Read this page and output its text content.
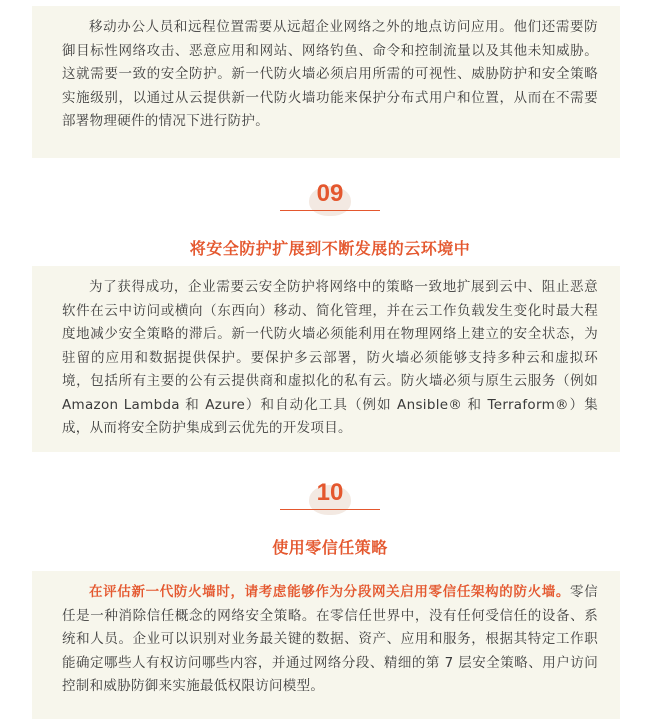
移动办公人员和远程位置需要从远超企业网络之外的地点访问应用。他们还需要防御目标性网络攻击、恶意应用和网站、网络钓鱼、命令和控制流量以及其他未知威胁。这就需要一致的安全防护。新一代防火墙必须启用所需的可视性、威胁防护和安全策略实施级别，以通过从云提供新一代防火墙功能来保护分布式用户和位置，从而在不需要部署物理硬件的情况下进行防护。

09
将安全防护扩展到不断发展的云环境中

为了获得成功，企业需要云安全防护将网络中的策略一致地扩展到云中、阻止恶意软件在云中访问或横向（东西向）移动、简化管理，并在云工作负载发生变化时最大程度地减少安全策略的滞后。新一代防火墙必须能利用在物理网络上建立的安全状态，为驻留的应用和数据提供保护。要保护多云部署，防火墙必须能够支持多种云和虚拟环境，包括所有主要的公有云提供商和虚拟化的私有云。防火墙必须与原生云服务（例如 Amazon Lambda 和 Azure）和自动化工具（例如 Ansible® 和 Terraform®）集成，从而将安全防护集成到云优先的开发项目。

10
使用零信任策略

在评估新一代防火墙时，请考虑能够作为分段网关启用零信任架构的防火墙。零信任是一种消除信任概念的网络安全策略。在零信任世界中，没有任何受信任的设备、系统和人员。企业可以识别对业务最关键的数据、资产、应用和服务，根据其特定工作职能确定哪些人有权访问哪些内容，并通过网络分段、精细的第 7 层安全策略、用户访问控制和威胁防御来实施最低权限访问模型。
